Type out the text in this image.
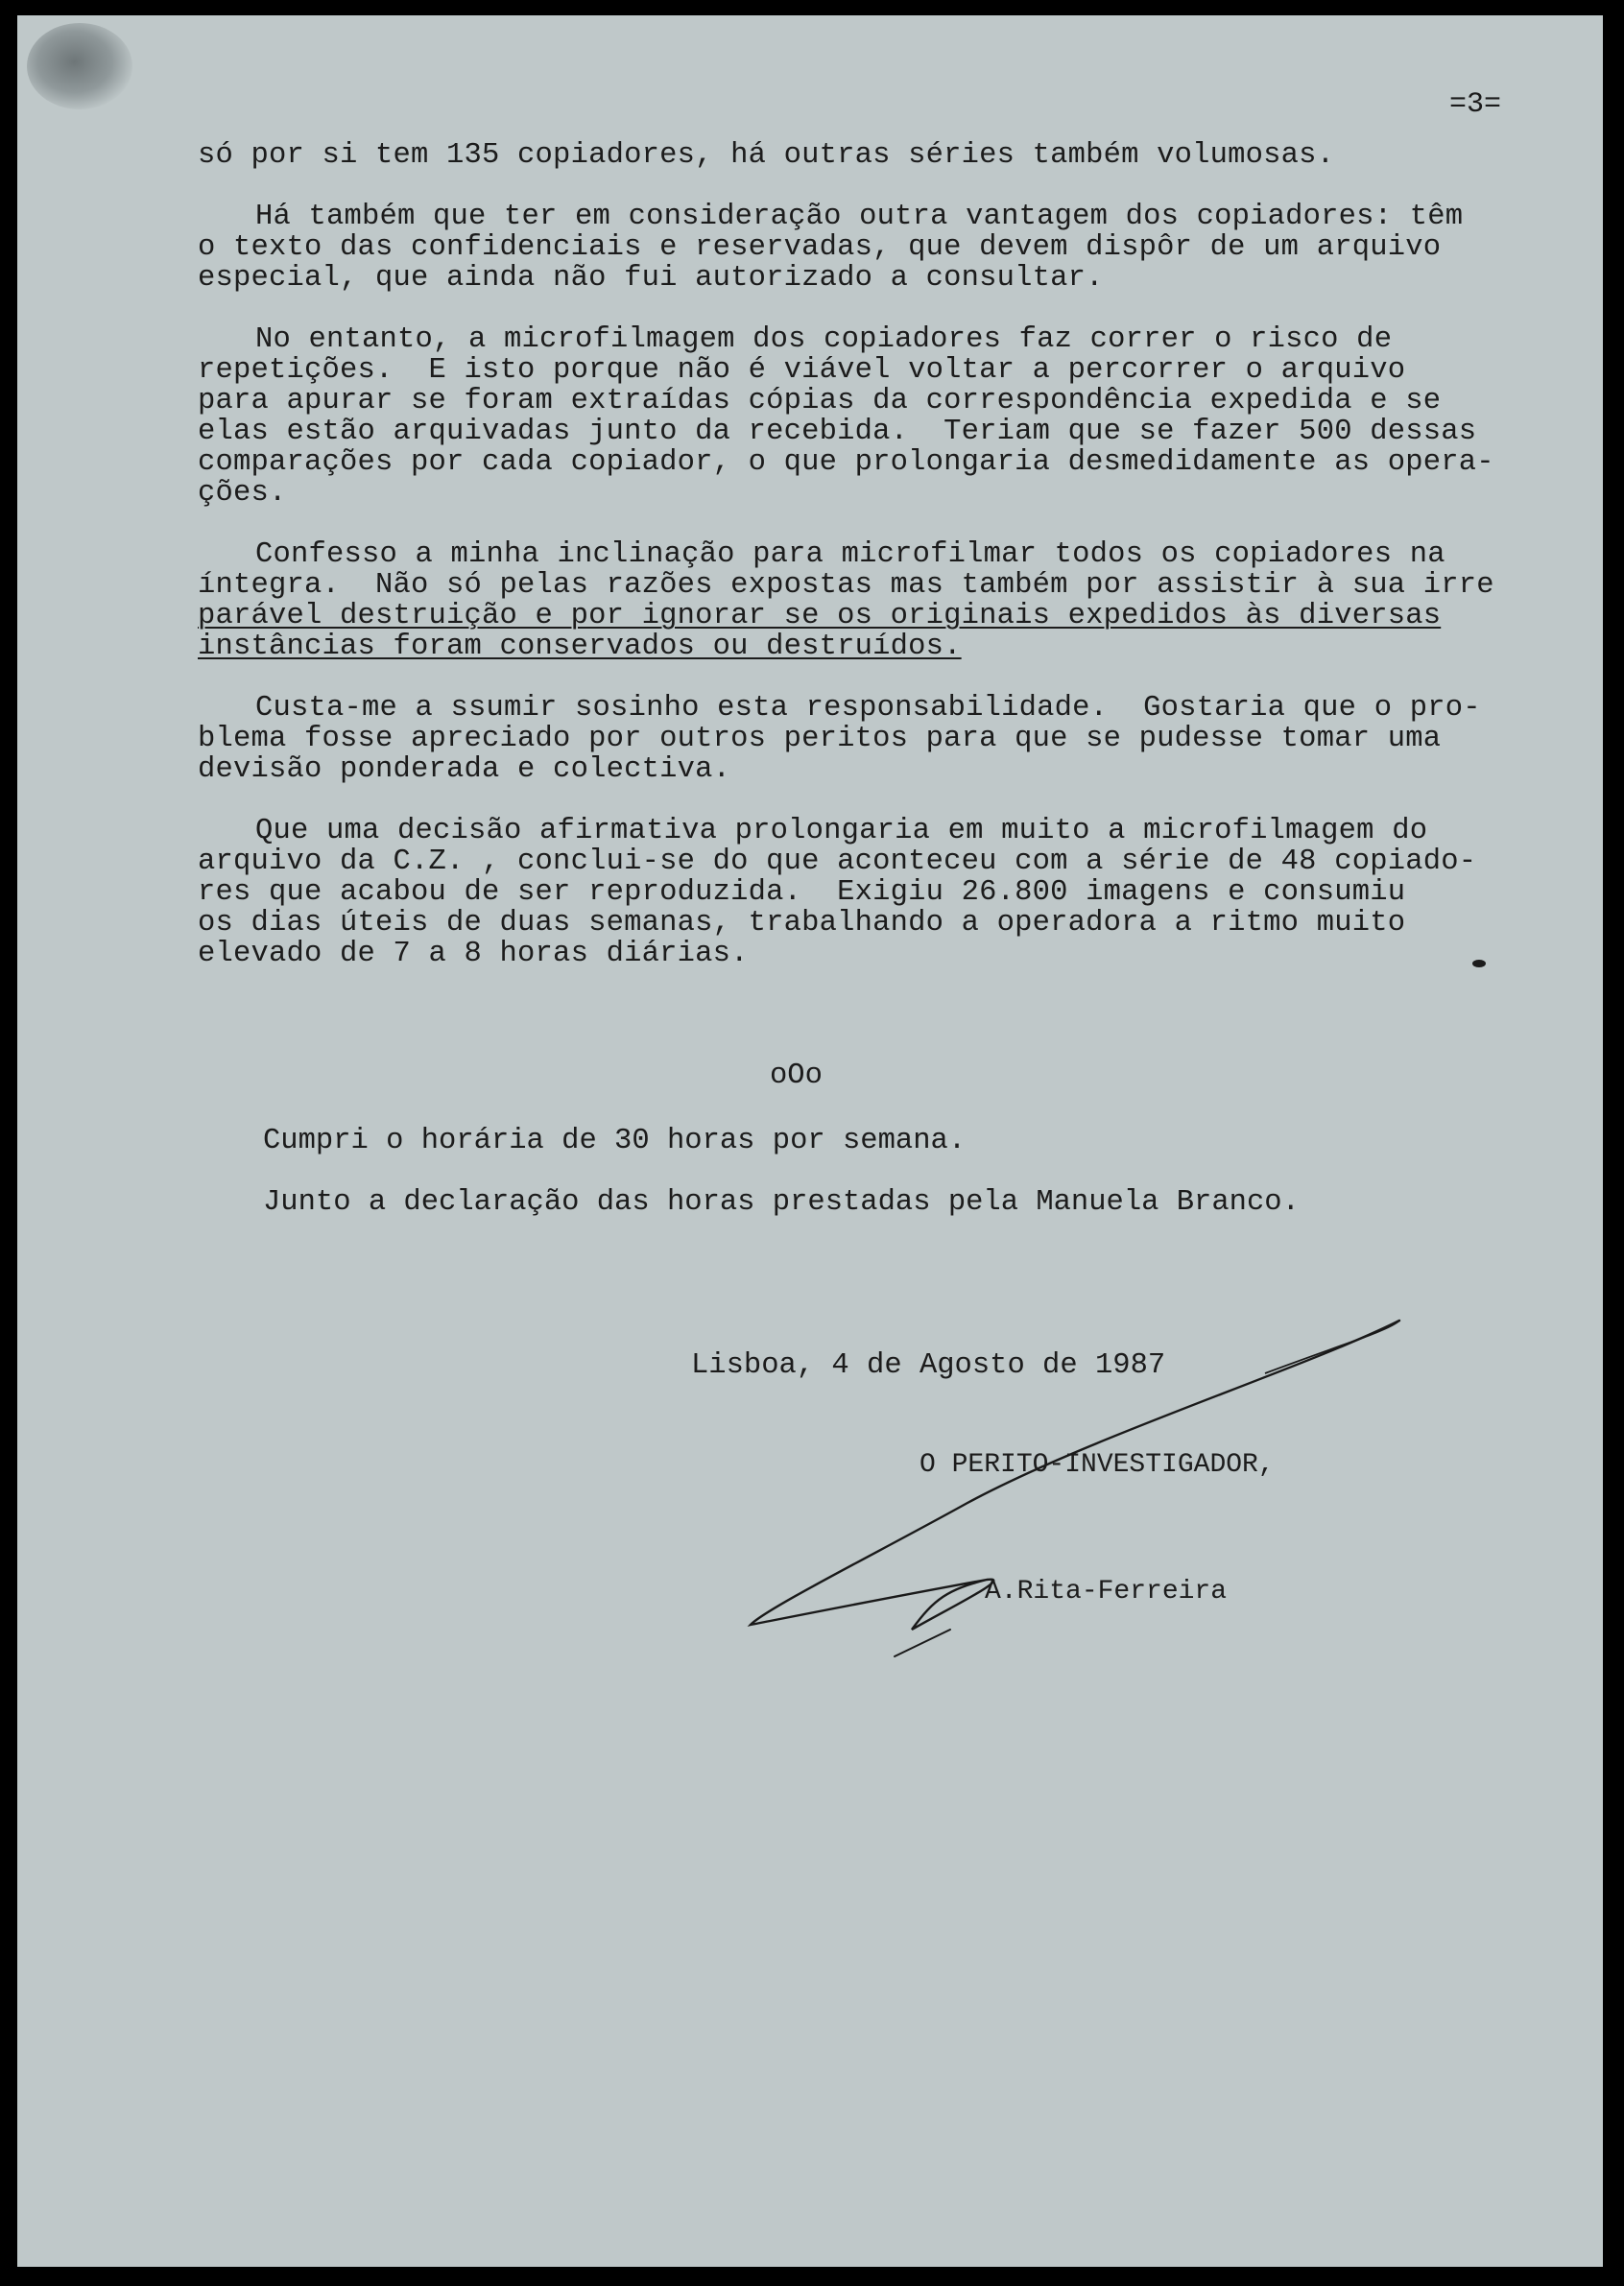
=3=
só por si tem 135 copiadores, há outras séries também volumosas.
Há também que ter em consideração outra vantagem dos copiadores: têm
o texto das confidenciais e reservadas, que devem dispôr de um arquivo
especial, que ainda não fui autorizado a consultar.
No entanto, a microfilmagem dos copiadores faz correr o risco de
repetições.  E isto porque não é viável voltar a percorrer o arquivo
para apurar se foram extraídas cópias da correspondência expedida e se
elas estão arquivadas junto da recebida.  Teriam que se fazer 500 dessas
comparações por cada copiador, o que prolongaria desmedidamente as opera-
ções.
Confesso a minha inclinação para microfilmar todos os copiadores na
íntegra.  Não só pelas razões expostas mas também por assistir à sua irre
parável destruição e por ignorar se os originais expedidos às diversas
instâncias foram conservados ou destruídos.
Custa-me a ssumir sosinho esta responsabilidade.  Gostaria que o pro-
blema fosse apreciado por outros peritos para que se pudesse tomar uma
devisão ponderada e colectiva.
Que uma decisão afirmativa prolongaria em muito a microfilmagem do
arquivo da C.Z. , conclui-se do que aconteceu com a série de 48 copiado-
res que acabou de ser reproduzida.  Exigiu 26.800 imagens e consumiu
os dias úteis de duas semanas, trabalhando a operadora a ritmo muito
elevado de 7 a 8 horas diárias.
oOo
Cumpri o horária de 30 horas por semana.
Junto a declaração das horas prestadas pela Manuela Branco.
Lisboa, 4 de Agosto de 1987
O PERITO-INVESTIGADOR,
A.Rita-Ferreira
